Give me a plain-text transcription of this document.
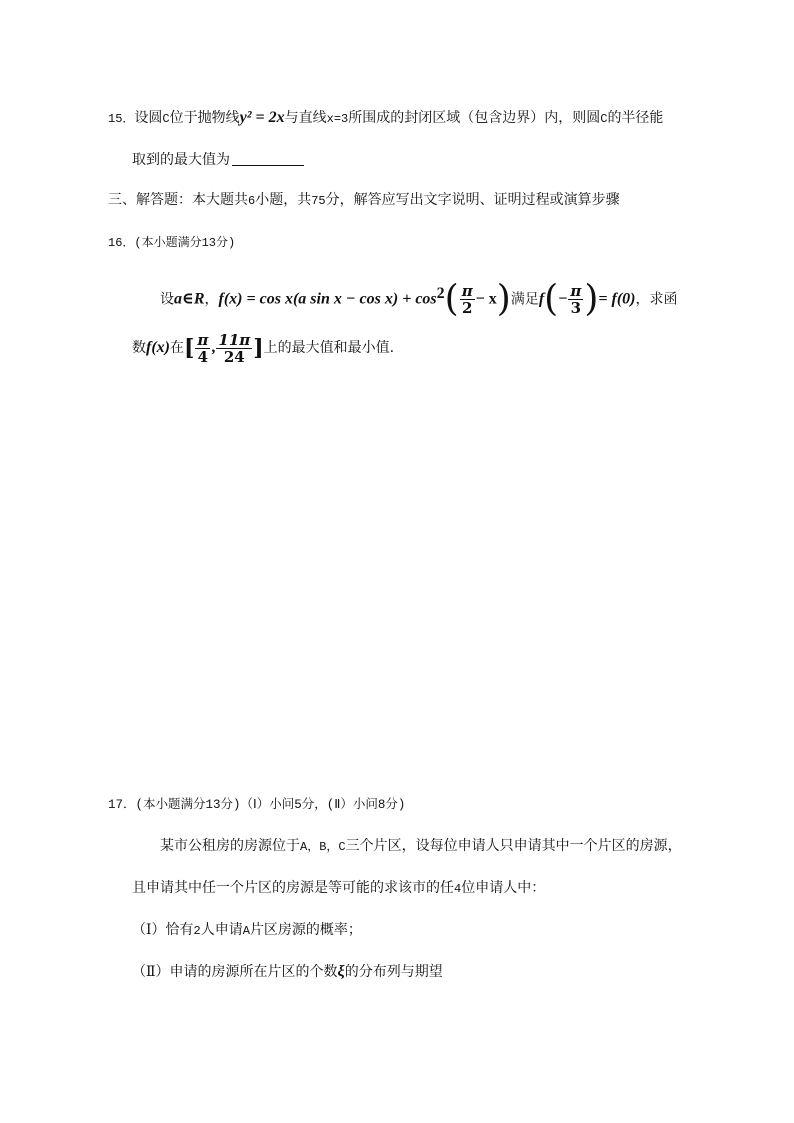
15．设圆C位于抛物线y² = 2x与直线x=3所围成的封闭区域（包含边界）内，则圆C的半径能
取到的最大值为
三、解答题：本大题共6小题，共75分，解答应写出文字说明、证明过程或演算步骤
16．(本小题满分13分)
设a∈R，f(x) = cos x(a $\sin x - \cos x) + \cos^2( \frac{\pi}{2} - x)$满足$f(- \frac{\pi}{3}$ )= f(0)，求函
数f(x)在[ $\frac{\pi}{4}$ , $\frac{11\pi}{24}$ ]上的最大值和最小值.
17．(本小题满分13分)（Ⅰ）小问5分，(Ⅱ）小问8分)
某市公租房的房源位于A，B，C三个片区，设每位申请人只申请其中一个片区的房源，
且申请其中任一个片区的房源是等可能的求该市的任4位申请人中：
（Ⅰ）恰有2人申请A片区房源的概率；
（Ⅱ）申请的房源所在片区的个数ξ的分布列与期望
